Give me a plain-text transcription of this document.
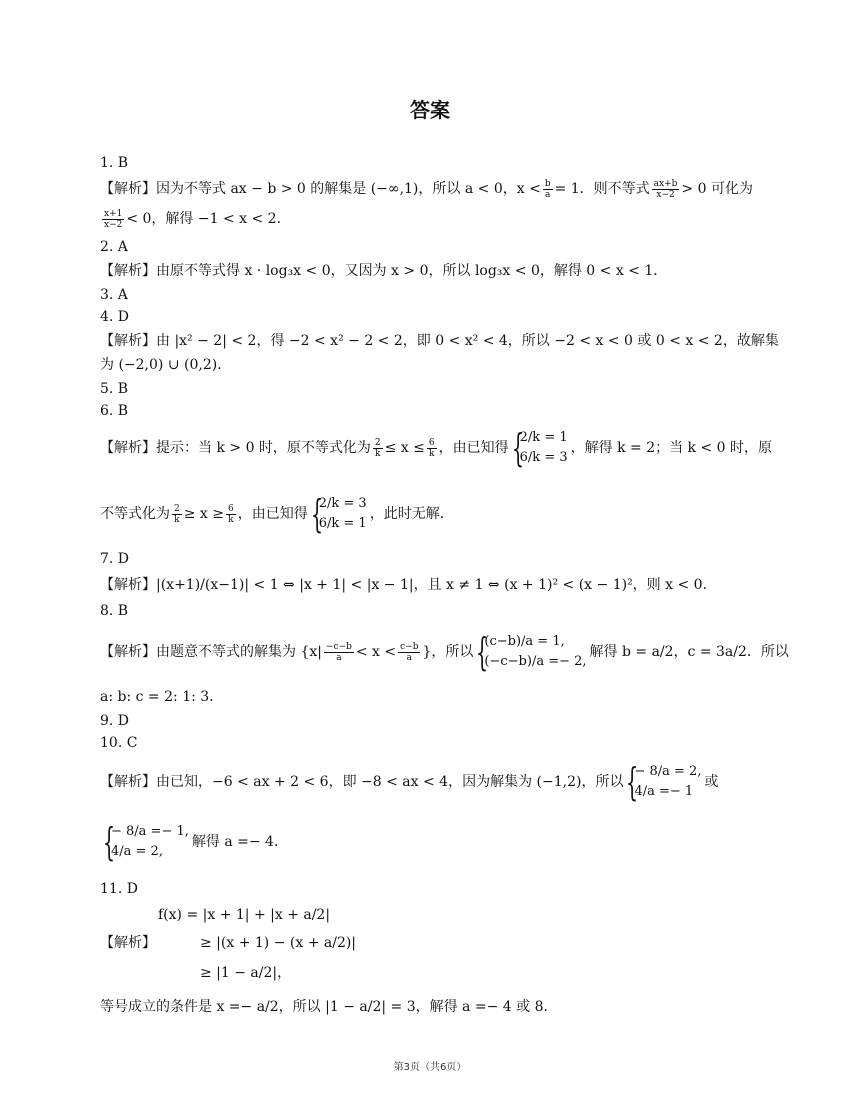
答案
1. B
【解析】因为不等式 ax − b > 0 的解集是 (−∞,1)，所以 a < 0，$x < \frac{b}{a} = 1$．则不等式 $\frac{ax+b}{x-2} > 0$ 可化为
$\frac{x+1}{x-2} < 0$，解得 −1 < x < 2．
2. A
【解析】由原不等式得 x · log₃x < 0，又因为 x > 0，所以 log₃x < 0，解得 0 < x < 1．
3. A
4. D
【解析】由 |x² − 2| < 2，得 −2 < x² − 2 < 2，即 0 < x² < 4，所以 −2 < x < 0 或 0 < x < 2，故解集
为 (−2,0) ∪ (0,2)．
5. B
6. B
【解析】提示：当 k > 0 时，原不等式化为 $\frac{2}{k} \le x \le \frac{6}{k}$ ，由已知得 {
2/k = 1
6/k = 3
，解得 k = 2；当 k < 0 时，原
不等式化为 $\frac{2}{k} \ge x \ge \frac{6}{k}$ ，由已知得 {
2/k = 3
6/k = 1
，此时无解．
7. D
【解析】|(x+1)/(x−1)| < 1 ⇔ |x + 1| < |x − 1|，且 x ≠ 1 ⇔ (x + 1)² < (x − 1)²，则 x < 0．
8. B
【解析】由题意不等式的解集为 {$x| \frac{-c-b}{a} < x < \frac{c-b}{a}$ }，所以 {
(c−b)/a = 1,
(−c−b)/a =− 2,
解得 b = a/2，c = 3a/2．所以
a: b: c = 2: 1: 3．
9. D
10. C
【解析】由已知，−6 < ax + 2 < 6，即 −8 < ax < 4，因为解集为 (−1,2)，所以 {
− 8/a = 2,
4/a =− 1
或
{
− 8/a =− 1,
4/a = 2,
解得 a =− 4．
11. D
f(x) = |x + 1| + |x + a/2|
【解析】	≥ |(x + 1) − (x + a/2)|
≥ |1 − a/2|，
等号成立的条件是 x =− a/2，所以 |1 − a/2| = 3，解得 a =− 4 或 8．
第3页（共6页）
